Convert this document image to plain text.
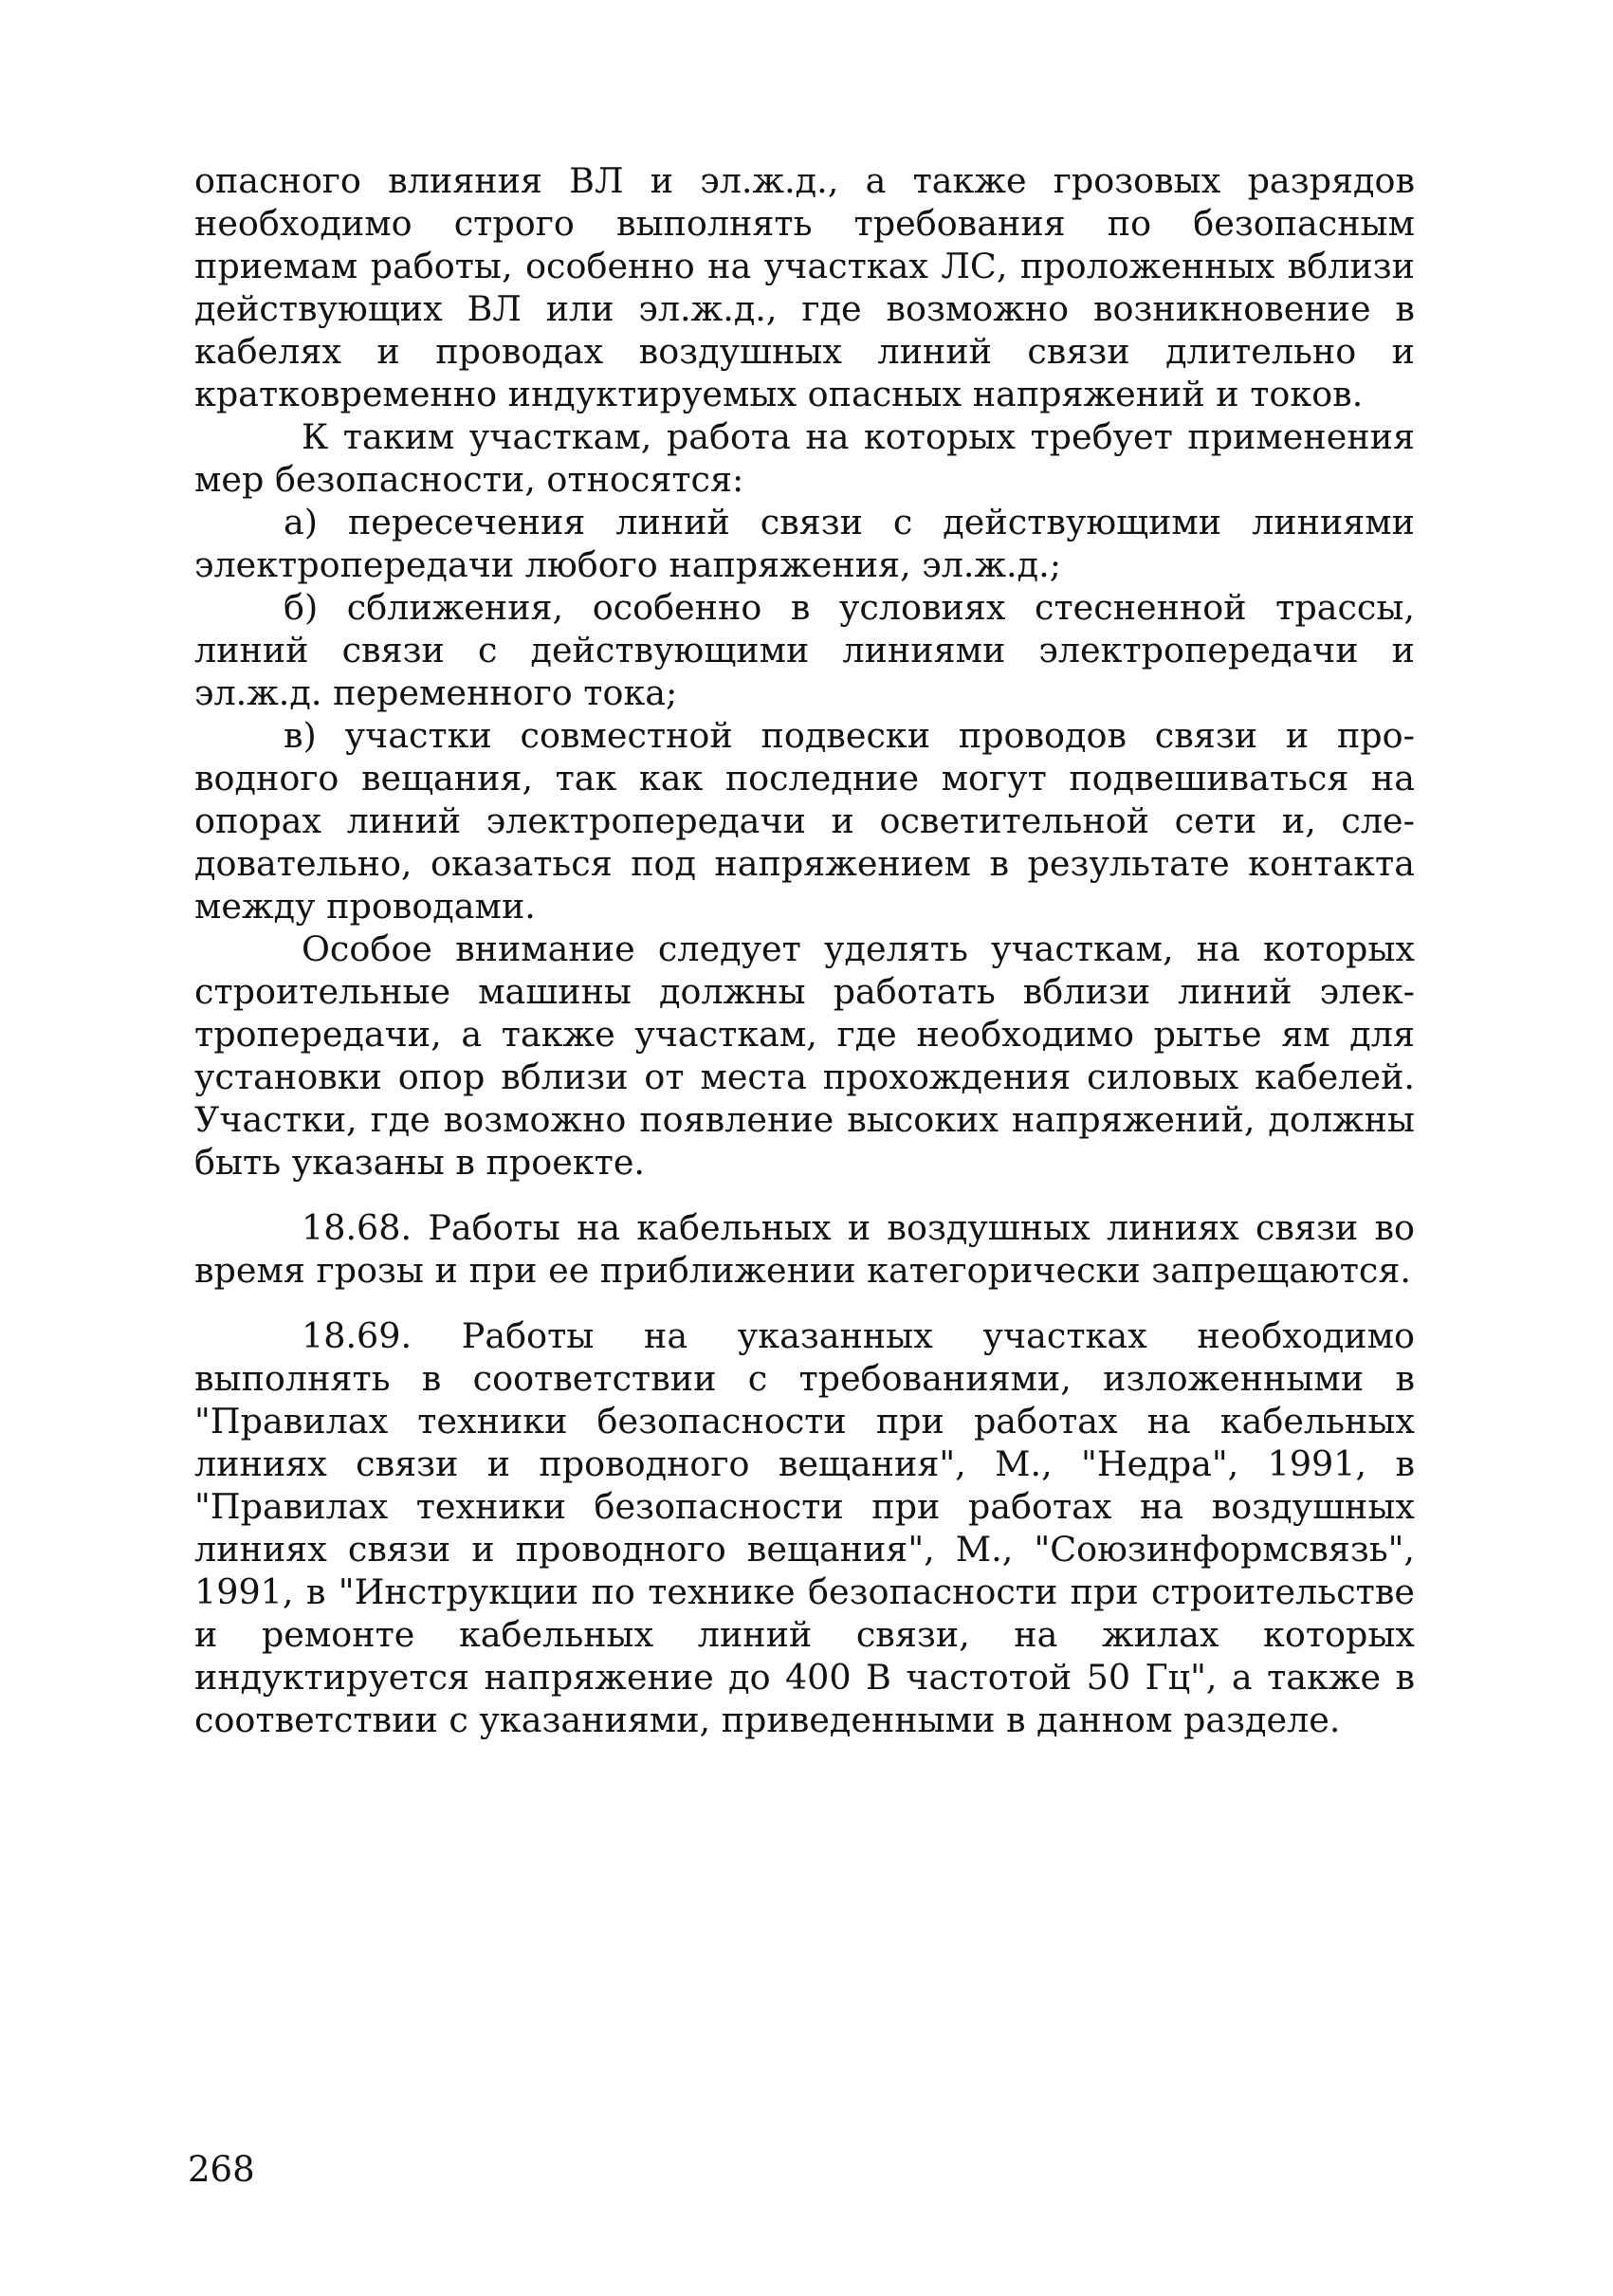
опасного влияния ВЛ и эл.ж.д., а также грозовых разрядов необходимо строго выполнять требования по безопасным приемам работы, особенно на участках ЛС, проложенных вблизи действующих ВЛ или эл.ж.д., где возможно возникновение в кабелях и проводах воздушных линий связи длительно и кратковременно индуктируемых опасных напряжений и токов.

К таким участкам, работа на которых требует применения мер безопасности, относятся:

а) пересечения линий связи с действующими линиями электропередачи любого напряжения, эл.ж.д.;

б) сближения, особенно в условиях стесненной трассы, линий связи с действующими линиями электропередачи и эл.ж.д. переменного тока;

в) участки совместной подвески проводов связи и проводного вещания, так как последние могут подвешиваться на опорах линий электропередачи и осветительной сети и, следовательно, оказаться под напряжением в результате контакта между проводами.

Особое внимание следует уделять участкам, на которых строительные машины должны работать вблизи линий электропередачи, а также участкам, где необходимо рытье ям для установки опор вблизи от места прохождения силовых кабелей. Участки, где возможно появление высоких напряжений, должны быть указаны в проекте.

18.68. Работы на кабельных и воздушных линиях связи во время грозы и при ее приближении категорически запрещаются.

18.69. Работы на указанных участках необходимо выполнять в соответствии с требованиями, изложенными в "Правилах техники безопасности при работах на кабельных линиях связи и проводного вещания", М., "Недра", 1991, в "Правилах техники безопасности при работах на воздушных линиях связи и проводного вещания", М., "Союзинформсвязь", 1991, в "Инструкции по технике безопасности при строительстве и ремонте кабельных линий связи, на жилах которых индуктируется напряжение до 400 В частотой 50 Гц", а также в соответствии с указаниями, приведенными в данном разделе.

268
